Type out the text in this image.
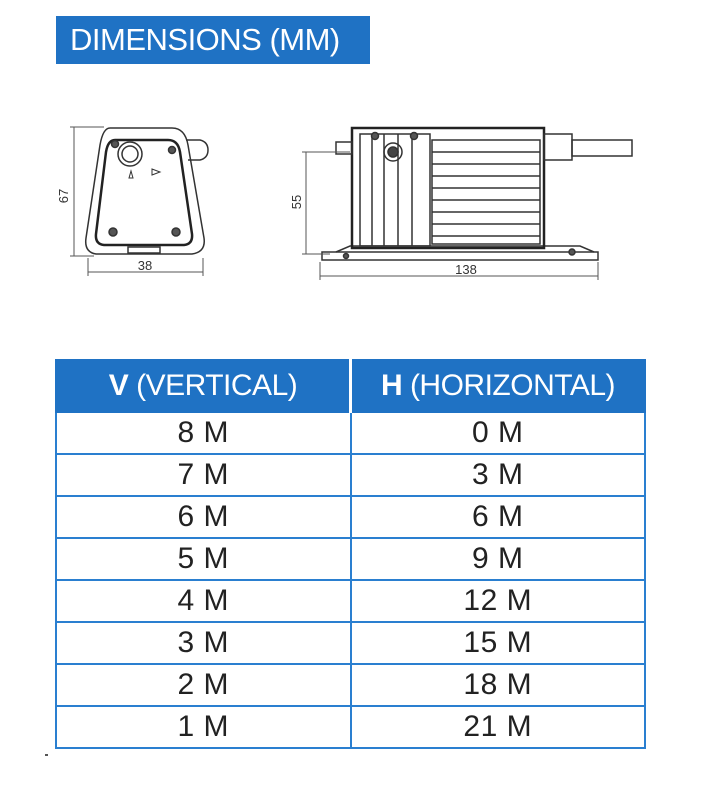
DIMENSIONS (MM)
67
38
55
138
V (VERTICAL)	H (HORIZONTAL)
8 M	0 M
7 M	3 M
6 M	6 M
5 M	9 M
4 M	12 M
3 M	15 M
2 M	18 M
1 M	21 M
